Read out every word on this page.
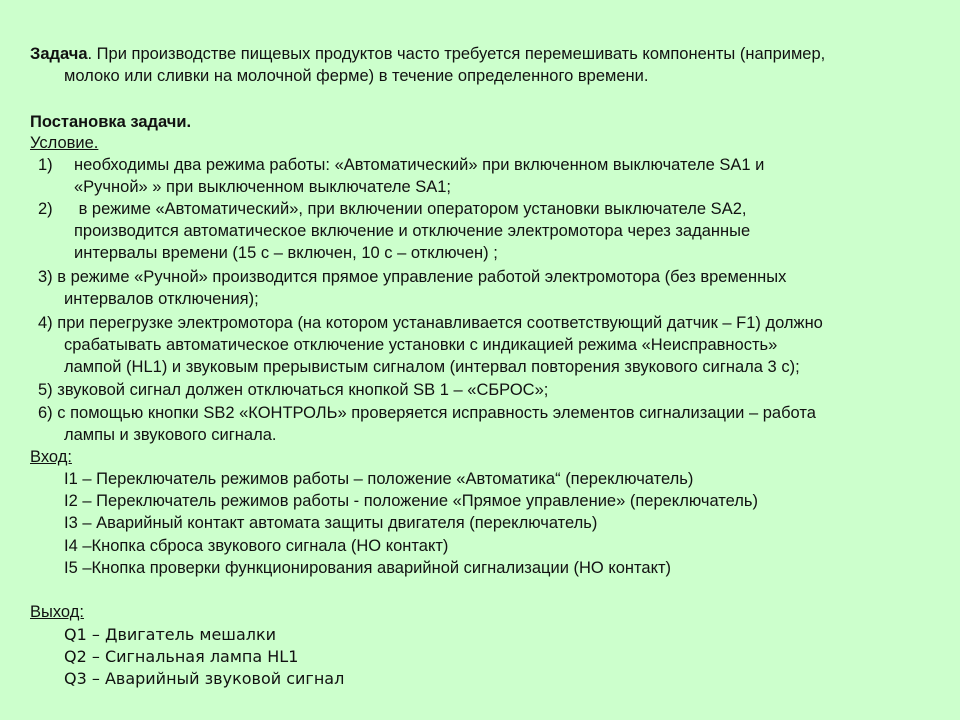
Задача. При производстве пищевых продуктов часто требуется перемешивать компоненты (например,
молоко или сливки на молочной ферме) в течение определенного времени.
Постановка задачи.
Условие.
1) необходимы два режима работы: «Автоматический» при включенном выключателе SA1 и
«Ручной» » при выключенном выключателе SA1;
2) в режиме «Автоматический», при включении оператором установки выключателе SA2,
производится автоматическое включение и отключение электромотора через заданные
интервалы времени (15 с – включен, 10 с – отключен) ;
3) в режиме «Ручной» производится прямое управление работой электромотора (без временных
интервалов отключения);
4) при перегрузке электромотора (на котором устанавливается соответствующий датчик – F1) должно
срабатывать автоматическое отключение установки с индикацией режима «Неисправность»
лампой (HL1) и звуковым прерывистым сигналом (интервал повторения звукового сигнала 3 с);
5) звуковой сигнал должен отключаться кнопкой SB 1 – «СБРОС»;
6) с помощью кнопки SB2 «КОНТРОЛЬ» проверяется исправность элементов сигнализации – работа
лампы и звукового сигнала.
Вход:
I1 – Переключатель режимов работы – положение «Автоматика“ (переключатель)
I2 – Переключатель режимов работы - положение «Прямое управление» (переключатель)
I3 – Аварийный контакт автомата защиты двигателя (переключатель)
I4 –Кнопка сброса звукового сигнала (НО контакт)
I5 –Кнопка проверки функционирования аварийной сигнализации (НО контакт)
Выход:
Q1 – Двигатель мешалки
Q2 – Сигнальная лампа HL1
Q3 – Аварийный звуковой сигнал
